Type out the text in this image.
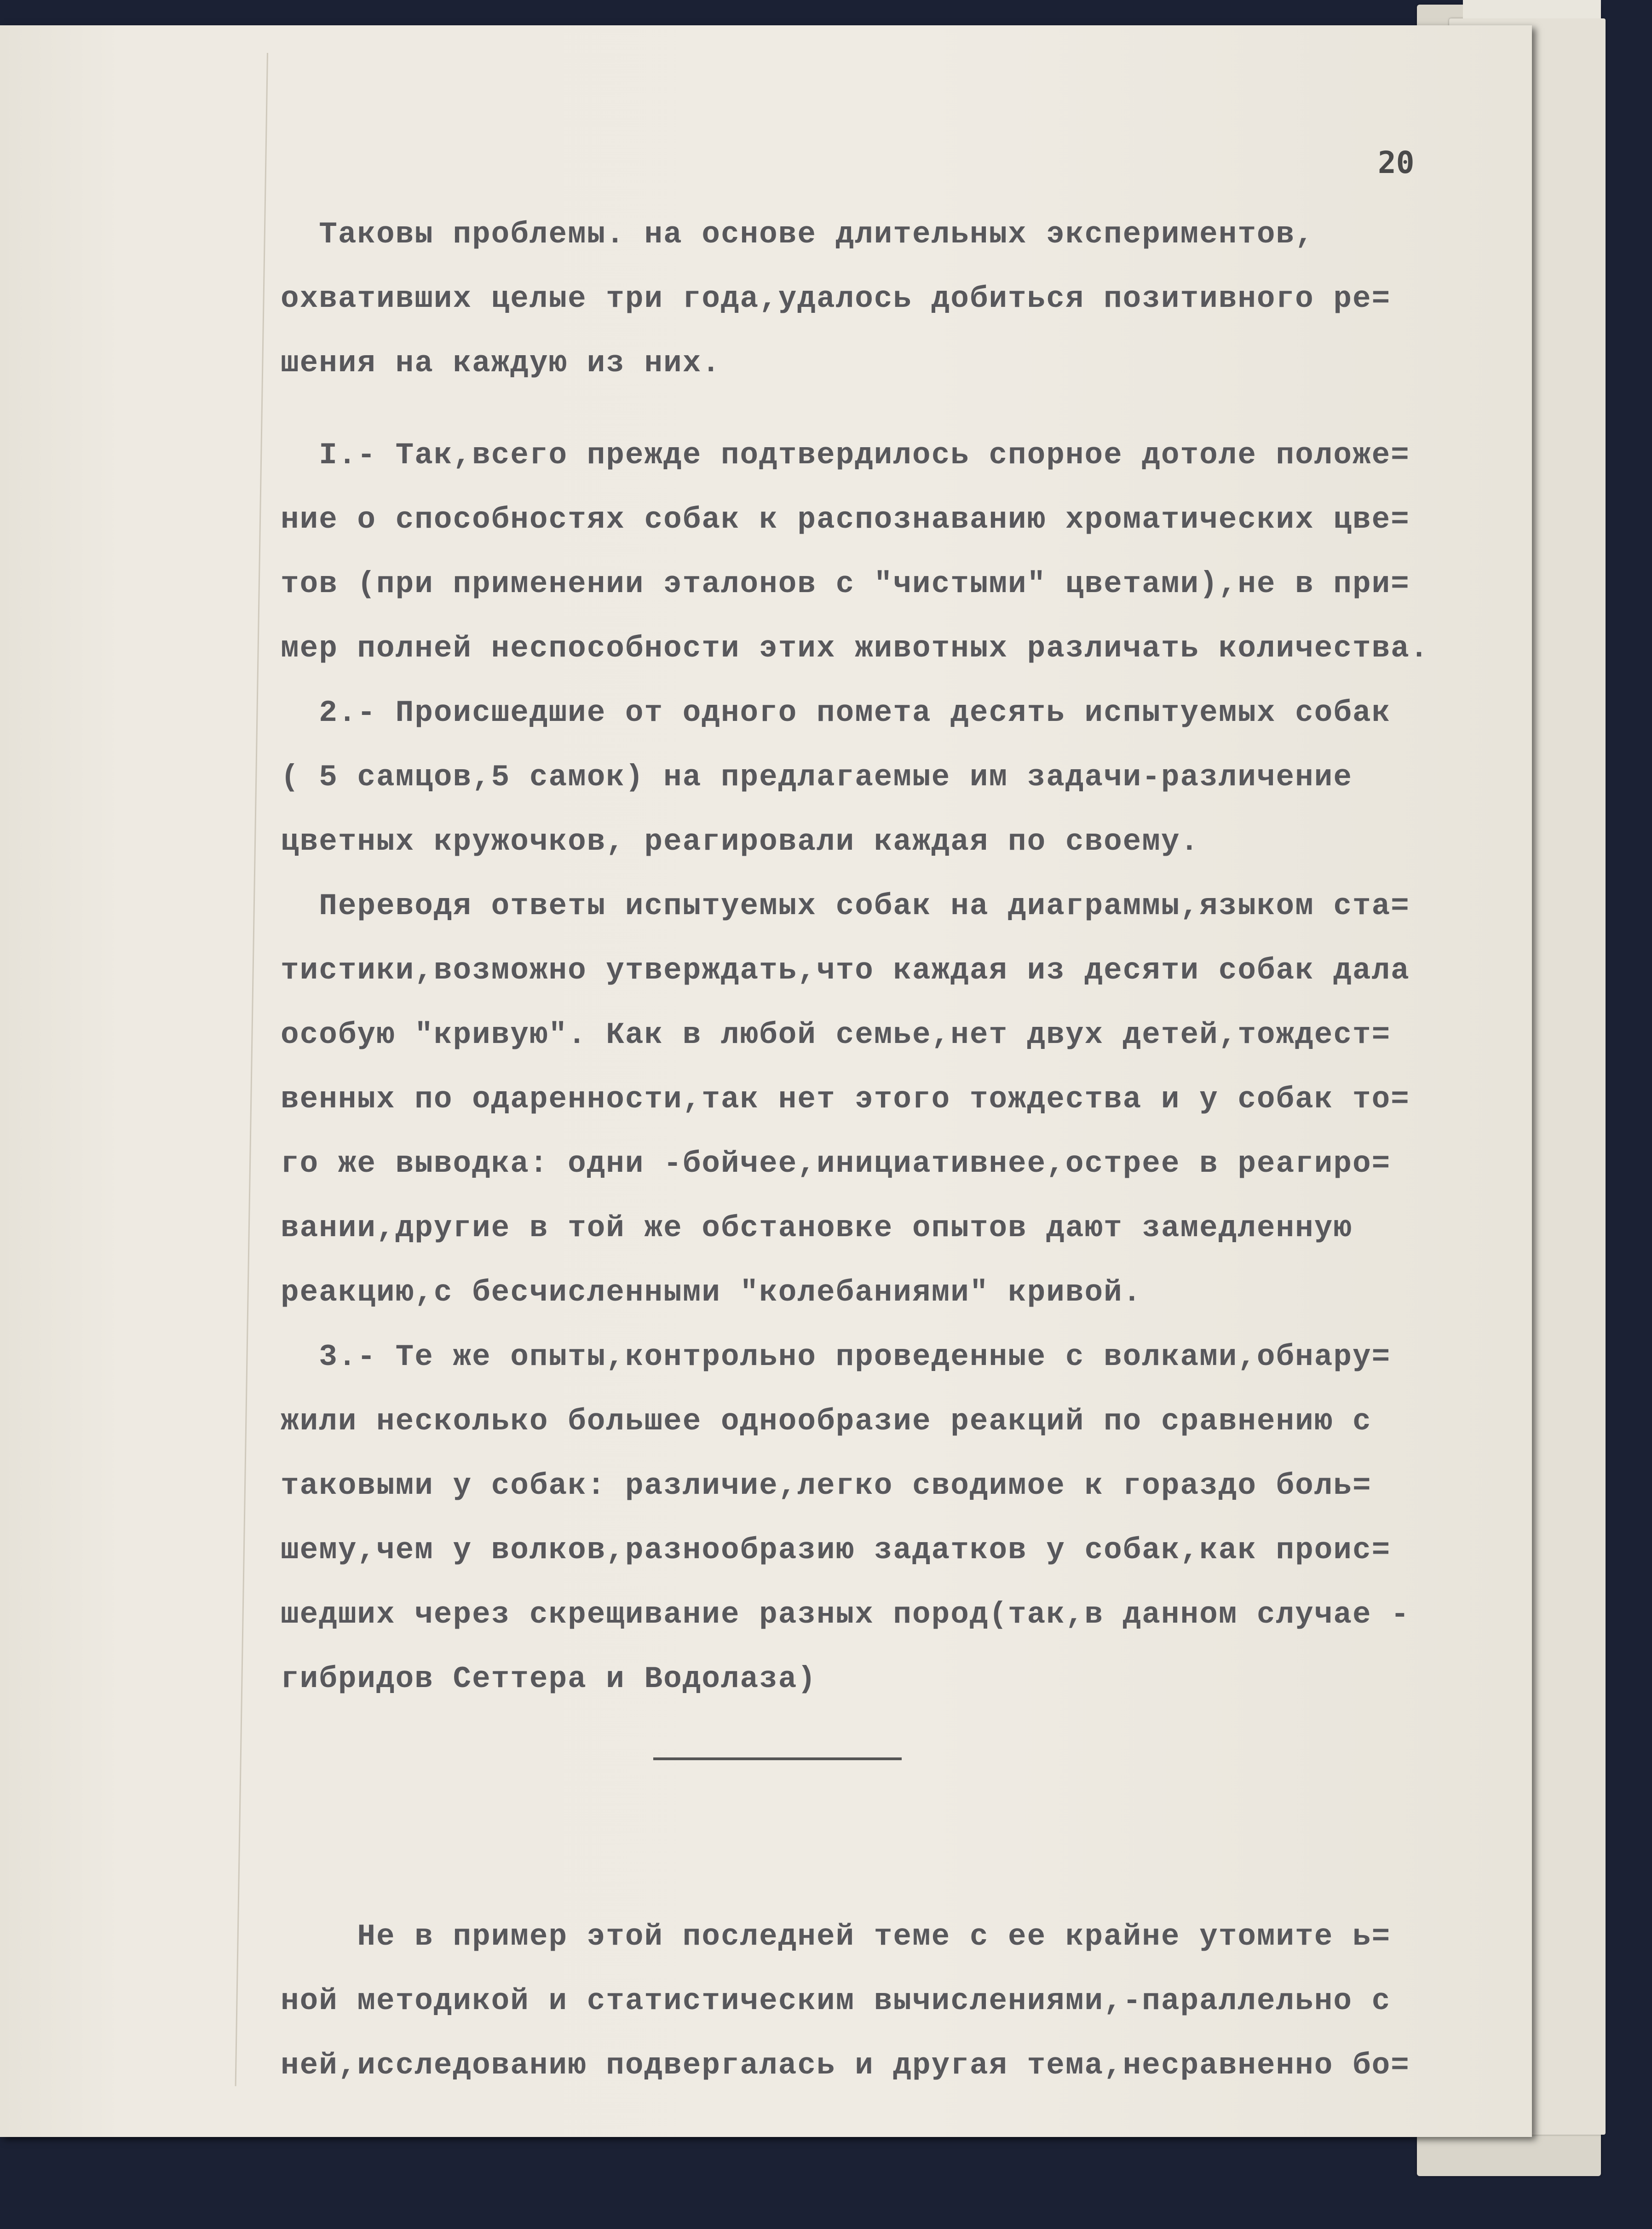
20
Таковы проблемы. на основе длительных экспериментов,
охвативших целые три года,удалось добиться позитивного ре=
шения на каждую из них.
I.- Так,всего прежде подтвердилось спорное дотоле положе=
ние о способностях собак к распознаванию хроматических цве=
тов (при применении эталонов с "чистыми" цветами),не в при=
мер полней неспособности этих животных различать количества.
2.- Происшедшие от одного помета десять испытуемых собак
( 5 самцов,5 самок) на предлагаемые им задачи-различение
цветных кружочков, реагировали каждая по своему.
Переводя ответы испытуемых собак на диаграммы,языком ста=
тистики,возможно утверждать,что каждая из десяти собак дала
особую "кривую". Как в любой семье,нет двух детей,тождест=
венных по одаренности,так нет этого тождества и у собак то=
го же выводка: одни -бойчее,инициативнее,острее в реагиро=
вании,другие в той же обстановке опытов дают замедленную
реакцию,с бесчисленными "колебаниями" кривой.
3.- Те же опыты,контрольно проведенные с волками,обнару=
жили несколько большее однообразие реакций по сравнению с
таковыми у собак: различие,легко сводимое к гораздо боль=
шему,чем у волков,разнообразию задатков у собак,как проис=
шедших через скрещивание разных пород(так,в данном случае -
гибридов Сеттера и Водолаза)
Не в пример этой последней теме с ее крайне утомите ь=
ной методикой и статистическим вычислениями,-параллельно с
ней,исследованию подвергалась и другая тема,несравненно бо=
